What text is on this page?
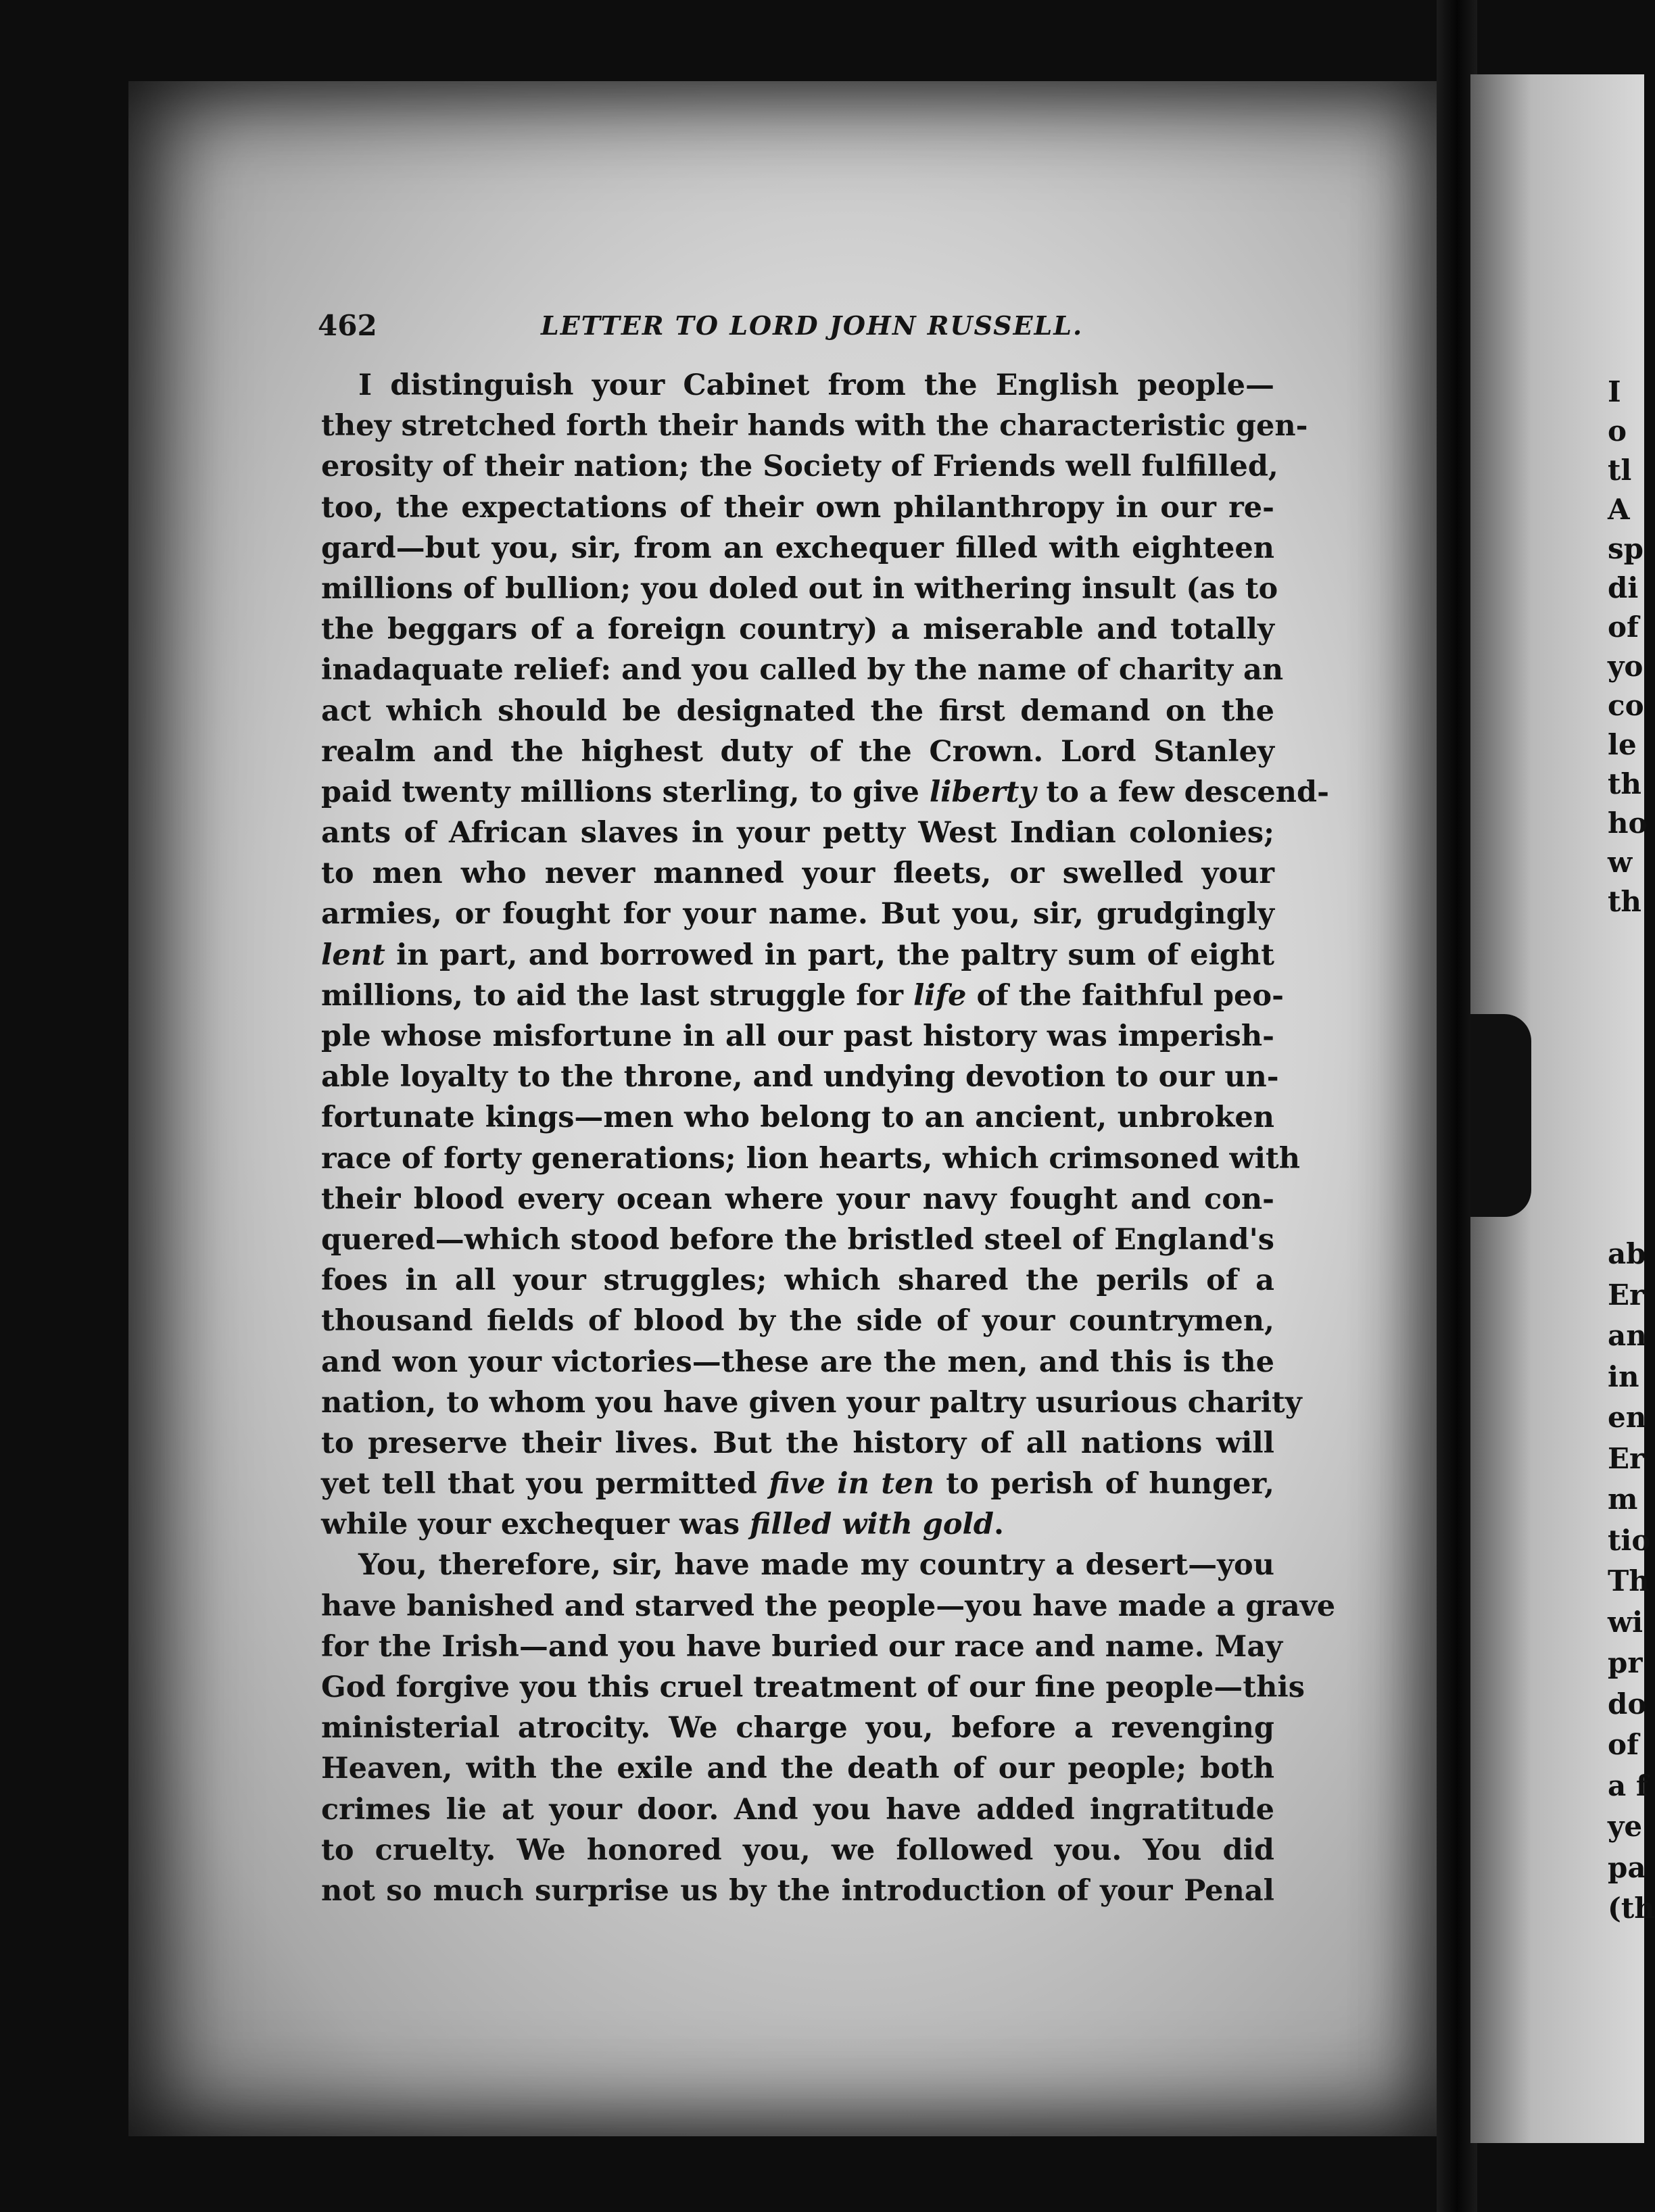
462	LETTER TO LORD JOHN RUSSELL.
I distinguish your Cabinet from the English people—
they stretched forth their hands with the characteristic gen-
erosity of their nation; the Society of Friends well fulfilled,
too, the expectations of their own philanthropy in our re-
gard—but you, sir, from an exchequer filled with eighteen
millions of bullion; you doled out in withering insult (as to
the beggars of a foreign country) a miserable and totally
inadaquate relief: and you called by the name of charity an
act which should be designated the first demand on the
realm and the highest duty of the Crown. Lord Stanley
paid twenty millions sterling, to give liberty to a few descend-
ants of African slaves in your petty West Indian colonies;
to men who never manned your fleets, or swelled your
armies, or fought for your name. But you, sir, grudgingly
lent in part, and borrowed in part, the paltry sum of eight
millions, to aid the last struggle for life of the faithful peo-
ple whose misfortune in all our past history was imperish-
able loyalty to the throne, and undying devotion to our un-
fortunate kings—men who belong to an ancient, unbroken
race of forty generations; lion hearts, which crimsoned with
their blood every ocean where your navy fought and con-
quered—which stood before the bristled steel of England's
foes in all your struggles; which shared the perils of a
thousand fields of blood by the side of your countrymen,
and won your victories—these are the men, and this is the
nation, to whom you have given your paltry usurious charity
to preserve their lives. But the history of all nations will
yet tell that you permitted five in ten to perish of hunger,
while your exchequer was filled with gold.
You, therefore, sir, have made my country a desert—you
have banished and starved the people—you have made a grave
for the Irish—and you have buried our race and name. May
God forgive you this cruel treatment of our fine people—this
ministerial atrocity. We charge you, before a revenging
Heaven, with the exile and the death of our people; both
crimes lie at your door. And you have added ingratitude
to cruelty. We honored you, we followed you. You did
not so much surprise us by the introduction of your Penal
I
o
tl
A
sp
di
of
yo
co
le
th
ho
w
th
ab
Er
an
in
en
Er
m
tio
Th
wi
pr
do
of
a f
ye
pa
(th
